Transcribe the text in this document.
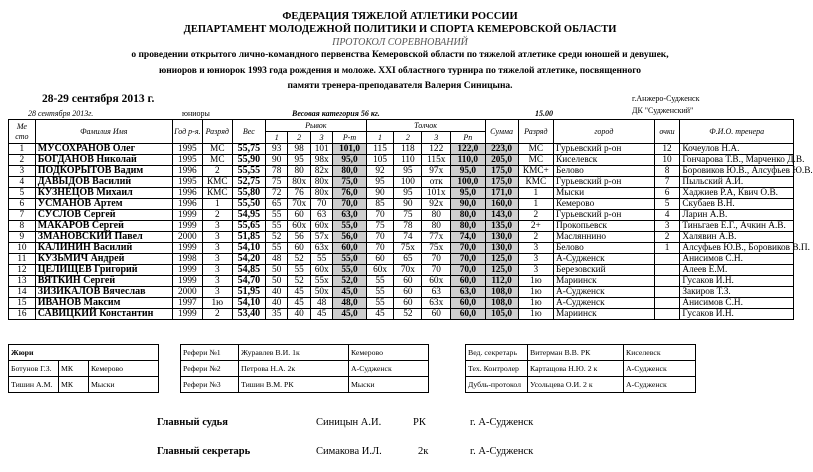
ФЕДЕРАЦИЯ ТЯЖЕЛОЙ АТЛЕТИКИ РОССИИ
ДЕПАРТАМЕНТ МОЛОДЕЖНОЙ ПОЛИТИКИ И СПОРТА КЕМЕРОВСКОЙ ОБЛАСТИ
ПРОТОКОЛ СОРЕВНОВАНИЙ
о проведении открытого лично-командного первенства Кемеровской области по тяжелой атлетике среди юношей и девушек,
юниоров и юниорок 1993 года рождения и моложе. XXI областного турнира по тяжелой атлетике, посвященного
памяти тренера-преподавателя Валерия Синицына.
28-29 сентября 2013 г.	г.Анжеро-Судженск
ДК "Судженский"
28 сентября 2013г.	юниоры	Весовая категория 56 кг.	15.00
Ме сто	Фамилия Имя	Год р-я.	Разряд	Вес	Рывок				Толчок				Сумма	Разряд	город	очки	Ф.И.О. тренера
					1	2	3	Р-т	1	2	3	Рп					
1	МУСОХРАНОВ Олег	1995	МС	55,75	93	98	101	101,0	115	118	122	122,0	223,0	МС	Гурьевский р-он	12	Кочеулов Н.А.
2	БОГДАНОВ Николай	1995	МС	55,90	90	95	98х	95,0	105	110	115х	110,0	205,0	МС	Киселевск	10	Гончарова Т.В., Марченко Д.В.
3	ПОДКОРЫТОВ Вадим	1996	2	55,55	78	80	82х	80,0	92	95	97х	95,0	175,0	КМС+	Белово	8	Боровиков Ю.В., Алсуфьев Ю.В.
4	ДАВЫДОВ Василий	1995	КМС	52,75	75	80х	80х	75,0	95	100	отк	100,0	175,0	КМС	Гурьевский р-он	7	Пыльский А.И.
5	КУЗНЕЦОВ Михаил	1996	КМС	55,80	72	76	80х	76,0	90	95	101х	95,0	171,0	1	Мыски	6	Хаджиев Р.А, Квич О.В.
6	УСМАНОВ Артем	1996	1	55,50	65	70х	70	70,0	85	90	92х	90,0	160,0	1	Кемерово	5	Скубаев В.Н.
7	СУСЛОВ Сергей	1999	2	54,95	55	60	63	63,0	70	75	80	80,0	143,0	2	Гурьевский р-он	4	Ларин А.В.
8	МАКАРОВ Сергей	1999	3	55,65	55	60х	60х	55,0	75	78	80	80,0	135,0	2+	Прокопьевск	3	Тиньгаев Е.Г., Ачкин А.В.
9	ЗМАНОВСКИЙ Павел	2000	3	51,85	52	56	57х	56,0	70	74	77х	74,0	130,0	2	Масляннино	2	Халявин А.В.
10	КАЛИНИН Василий	1999	3	54,10	55	60	63х	60,0	70	75х	75х	70,0	130,0	3	Белово	1	Алсуфьев Ю.В., Боровиков В.П.
11	КУЗЬМИЧ Андрей	1998	3	54,20	48	52	55	55,0	60	65	70	70,0	125,0	3	А-Судженск		Анисимов С.Н.
12	ЦЕЛИЩЕВ Григорий	1999	3	54,85	50	55	60х	55,0	60х	70х	70	70,0	125,0	3	Березовский		Алеев Е.М.
13	ВЯТКИН Сергей	1999	3	54,70	50	52	55х	52,0	55	60	60х	60,0	112,0	1ю	Мариинск		Гусаков И.Н.
14	ЗИЗИКАЛОВ Вячеслав	2000	3	51,95	40	45	50х	45,0	55	60	63	63,0	108,0	1ю	А-Судженск		Закиров Т.З.
15	ИВАНОВ Максим	1997	1ю	54,10	40	45	48	48,0	55	60	63х	60,0	108,0	1ю	А-Судженск		Анисимов С.Н.
16	САВИЦКИЙ Константин	1999	2	53,40	35	40	45	45,0	45	52	60	60,0	105,0	1ю	Мариинск		Гусаков И.Н.
Жюри		
Ботунов Г.З.	МК	Кемерово
Тишин А.М.	МК	Мыски
Рефери №1	Журавлев В.И. 1к	Кемерово
Рефери №2	Петрова Н.А. 2к	А-Судженск
Рефери №3	Тишин В.М. РК	Мыски
Вед. секретарь	Витерман В.В. РК	Киселевск
Тех. Контролер	Картащова Н.Ю. 2 к	А-Судженск
Дубль-протокол	Усольцева О.И. 2 к	А-Судженск
Главный судья	Синицын А.И.	РК	г. А-Судженск
Главный секретарь	Симакова И.Л.	2к	г. А-Судженск
